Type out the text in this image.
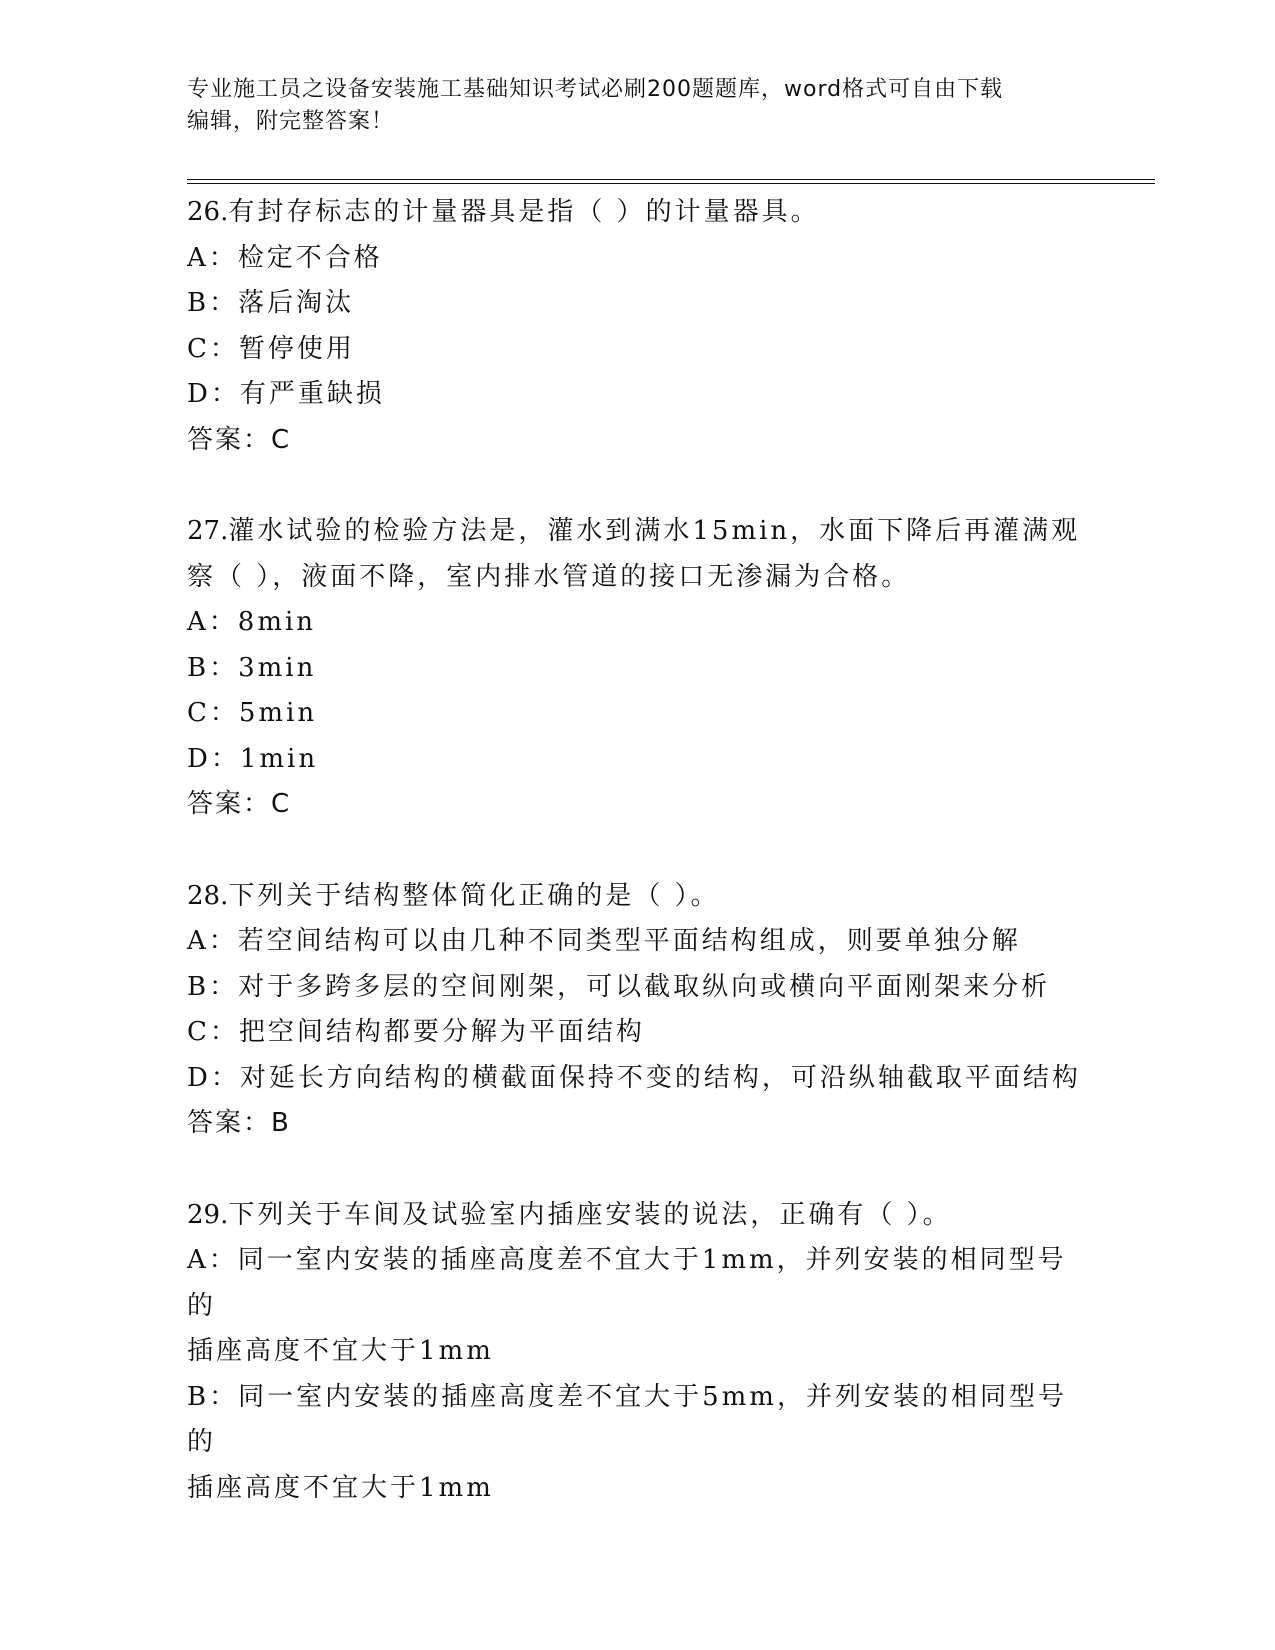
专业施工员之设备安装施工基础知识考试必刷200题题库，word格式可自由下载
编辑，附完整答案！
26.有封存标志的计量器具是指（ ）的计量器具。
A：检定不合格
B：落后淘汰
C：暂停使用
D：有严重缺损
答案：C
27.灌水试验的检验方法是，灌水到满水15min，水面下降后再灌满观
察（ ），液面不降，室内排水管道的接口无渗漏为合格。
A：8min
B：3min
C：5min
D：1min
答案：C
28.下列关于结构整体简化正确的是（ ）。
A：若空间结构可以由几种不同类型平面结构组成，则要单独分解
B：对于多跨多层的空间刚架，可以截取纵向或横向平面刚架来分析
C：把空间结构都要分解为平面结构
D：对延长方向结构的横截面保持不变的结构，可沿纵轴截取平面结构
答案：B
29.下列关于车间及试验室内插座安装的说法，正确有（ ）。
A：同一室内安装的插座高度差不宜大于1mm，并列安装的相同型号的
插座高度不宜大于1mm
B：同一室内安装的插座高度差不宜大于5mm，并列安装的相同型号的
插座高度不宜大于1mm
